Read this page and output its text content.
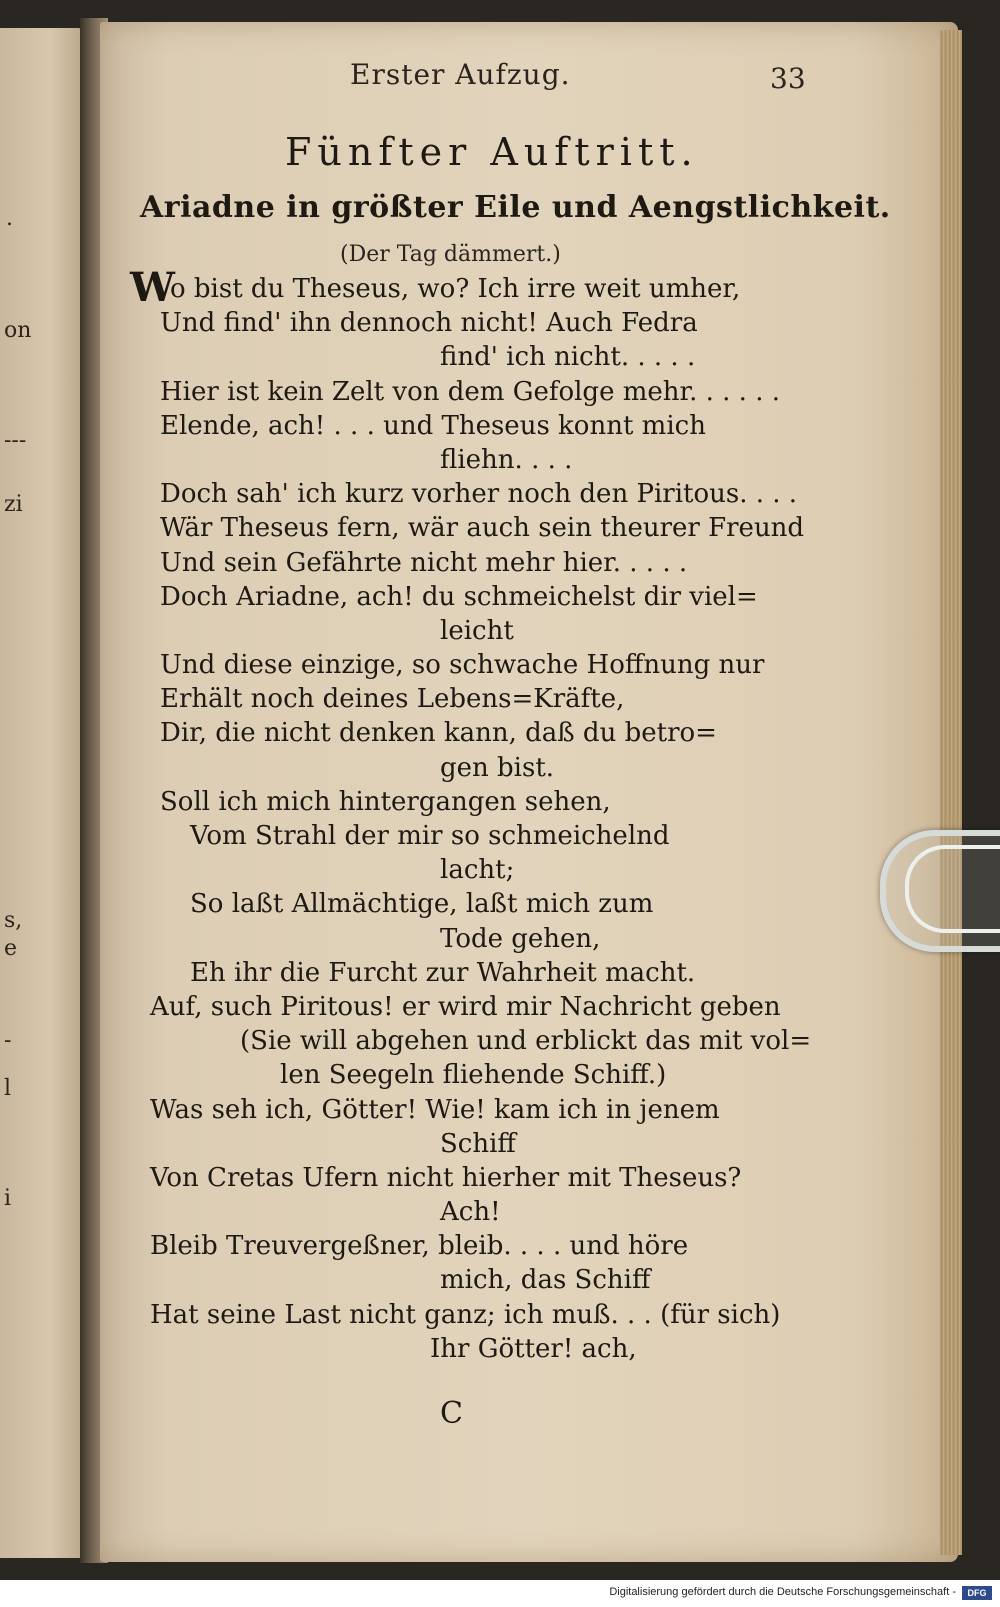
.
on
---
zi
s,
e
-
l
i
Erster Aufzug.	33
Fünfter Auftritt.
Ariadne in größter Eile und Aengstlichkeit.
(Der Tag dämmert.)
W
o bist du Theseus, wo? Ich irre weit umher,
Und find' ihn dennoch nicht! Auch Fedra
find' ich nicht. . . . .
Hier ist kein Zelt von dem Gefolge mehr. . . . . .
Elende, ach! . . . und Theseus konnt mich
fliehn. . . .
Doch sah' ich kurz vorher noch den Piritous. . . .
Wär Theseus fern, wär auch sein theurer Freund
Und sein Gefährte nicht mehr hier. . . . .
Doch Ariadne, ach! du schmeichelst dir viel=
leicht
Und diese einzige, so schwache Hoffnung nur
Erhält noch deines Lebens=Kräfte,
Dir, die nicht denken kann, daß du betro=
gen bist.
Soll ich mich hintergangen sehen,
Vom Strahl der mir so schmeichelnd
lacht;
So laßt Allmächtige, laßt mich zum
Tode gehen,
Eh ihr die Furcht zur Wahrheit macht.
Auf, such Piritous! er wird mir Nachricht geben
(Sie will abgehen und erblickt das mit vol=
len Seegeln fliehende Schiff.)
Was seh ich, Götter! Wie! kam ich in jenem
Schiff
Von Cretas Ufern nicht hierher mit Theseus?
Ach!
Bleib Treuvergeßner, bleib. . . . und höre
mich, das Schiff
Hat seine Last nicht ganz; ich muß. . . (für sich)
Ihr Götter! ach,
C
Digitalisierung gefördert durch die Deutsche Forschungsgemeinschaft -	DFG
